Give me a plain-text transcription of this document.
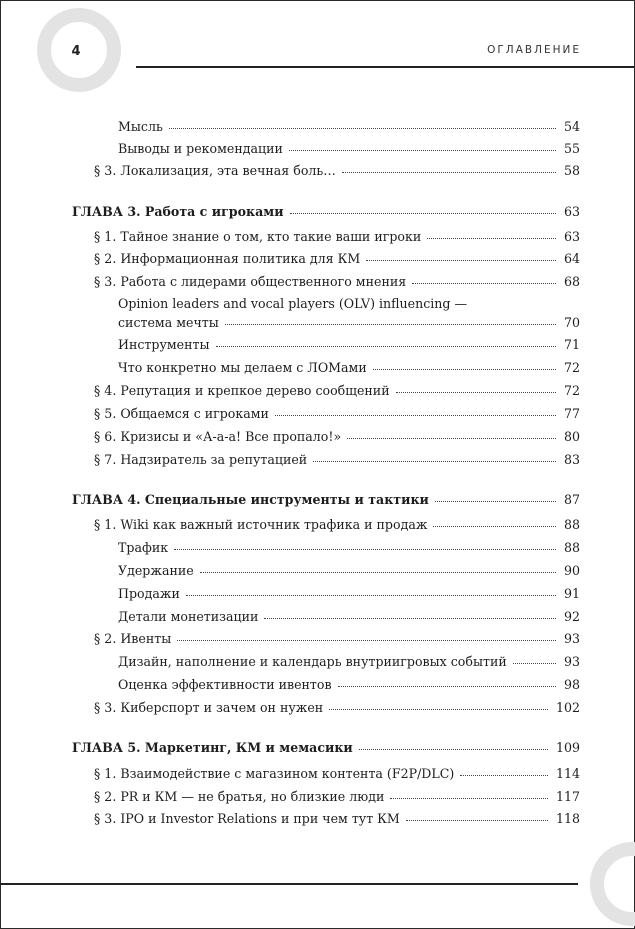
4	ОГЛАВЛЕНИЕ
Мысль	54
Выводы и рекомендации	55
§ 3. Локализация, эта вечная боль…	58
ГЛАВА 3. Работа с игроками	63
§ 1. Тайное знание о том, кто такие ваши игроки	63
§ 2. Информационная политика для КМ	64
§ 3. Работа с лидерами общественного мнения	68
Opinion leaders and vocal players (OLV) influencing —
система мечты	70
Инструменты	71
Что конкретно мы делаем с ЛОМами	72
§ 4. Репутация и крепкое дерево сообщений	72
§ 5. Общаемся с игроками	77
§ 6. Кризисы и «А-а-а! Все пропало!»	80
§ 7. Надзиратель за репутацией	83
ГЛАВА 4. Специальные инструменты и тактики	87
§ 1. Wiki как важный источник трафика и продаж	88
Трафик	88
Удержание	90
Продажи	91
Детали монетизации	92
§ 2. Ивенты	93
Дизайн, наполнение и календарь внутриигровых событий	93
Оценка эффективности ивентов	98
§ 3. Киберспорт и зачем он нужен	102
ГЛАВА 5. Маркетинг, КМ и мемасики	109
§ 1. Взаимодействие с магазином контента (F2P/DLC)	114
§ 2. PR и КМ — не братья, но близкие люди	117
§ 3. IPO и Investor Relations и при чем тут КМ	118
